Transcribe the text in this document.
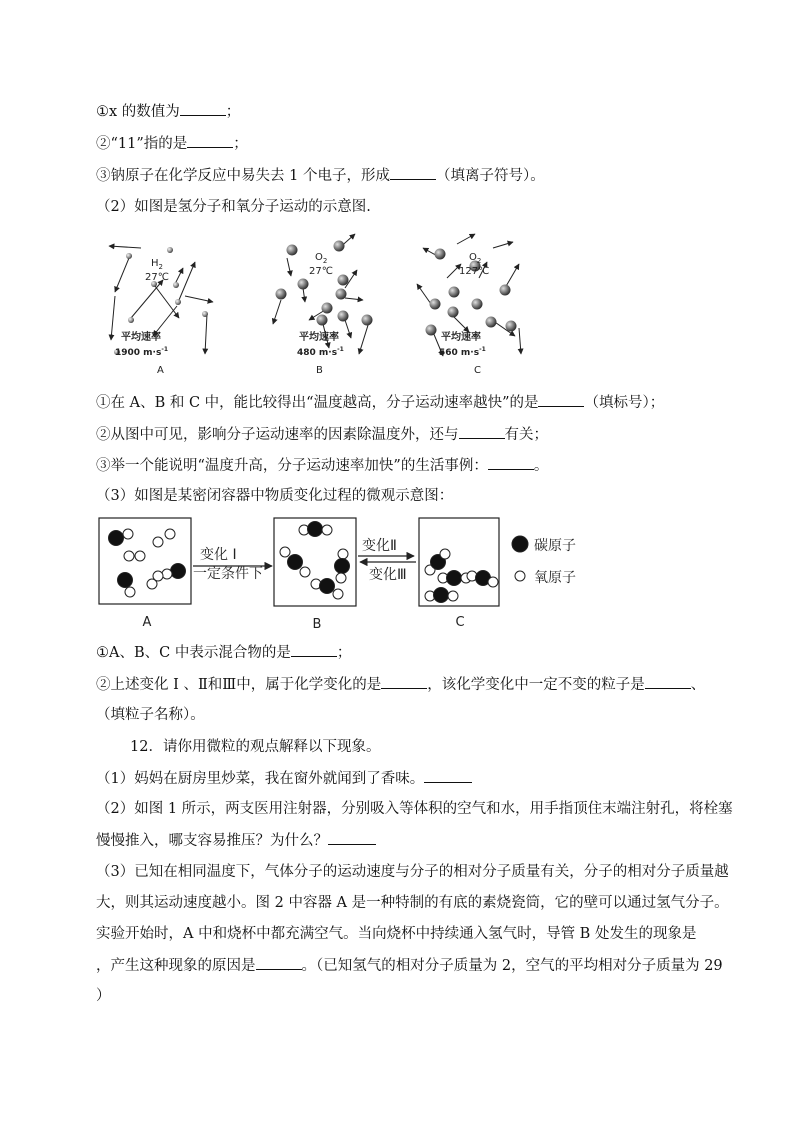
①x 的数值为	；
②“11”指的是	；
③钠原子在化学反应中易失去 1 个电子，形成	（填离子符号）。
（2）如图是氢分子和氧分子运动的示意图.
$H_2$
27℃
平均速率
1900 $m\cdot s^{-1}$
A
$O_2$
27℃
平均速率
480 $m\cdot s^{-1}$
B
$O_2$
127℃
平均速率
560 $m\cdot s^{-1}$
C
①在 A、B 和 C 中，能比较得出“温度越高，分子运动速率越快”的是	（填标号）；
②从图中可见，影响分子运动速率的因素除温度外，还与	有关；
③举一个能说明“温度升高，分子运动速率加快”的生活事例：	。
（3）如图是某密闭容器中物质变化过程的微观示意图：
A
变化 I
一定条件下
B
变化Ⅱ
变化Ⅲ
C
碳原子
氧原子
①A、B、C 中表示混合物的是	；
②上述变化 I 、Ⅱ和Ⅲ中，属于化学变化的是	，该化学变化中一定不变的粒子是	、
（填粒子名称）。
12．请你用微粒的观点解释以下现象。
（1）妈妈在厨房里炒菜，我在窗外就闻到了香味。
（2）如图 1 所示，两支医用注射器，分别吸入等体积的空气和水，用手指顶住末端注射孔，将栓塞
慢慢推入，哪支容易推压？为什么？
（3）已知在相同温度下，气体分子的运动速度与分子的相对分子质量有关，分子的相对分子质量越
大，则其运动速度越小。图 2 中容器 A 是一种特制的有底的素烧瓷筒，它的壁可以通过氢气分子。
实验开始时，A 中和烧杯中都充满空气。当向烧杯中持续通入氢气时，导管 B 处发生的现象是
，产生这种现象的原因是	。（已知氢气的相对分子质量为 2，空气的平均相对分子质量为 29
）
